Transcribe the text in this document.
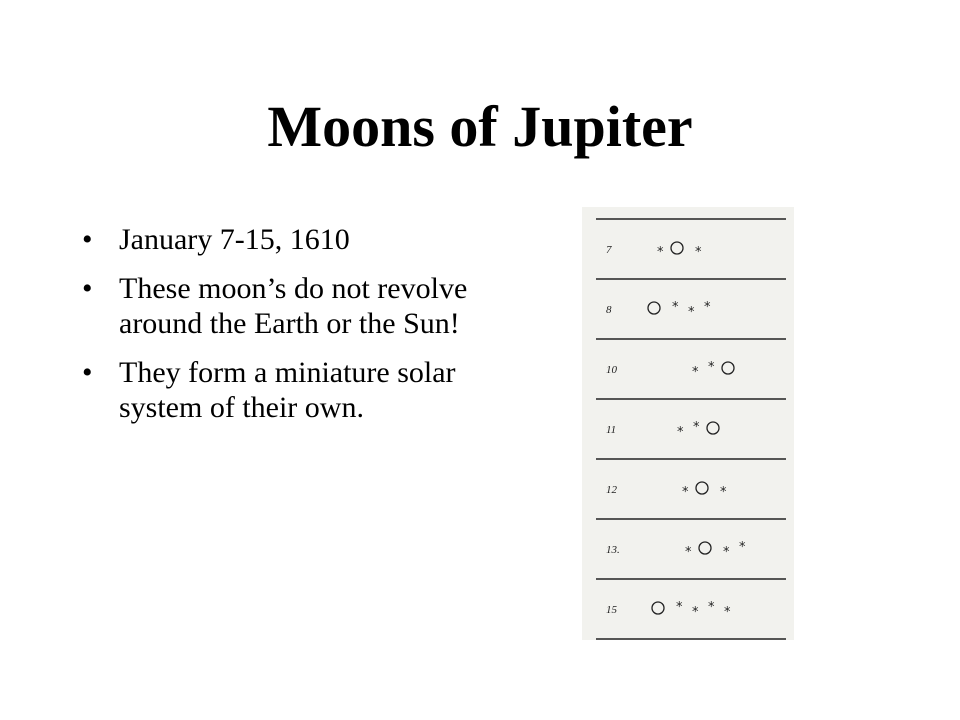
Moons of Jupiter
• January 7-15, 1610
• These moon’s do not revolve around the Earth or the Sun!
• They form a miniature solar system of their own.
7	* *
8	* * *
10	* *
11	* *
12	* *
13.	* * *
15	* * * *
